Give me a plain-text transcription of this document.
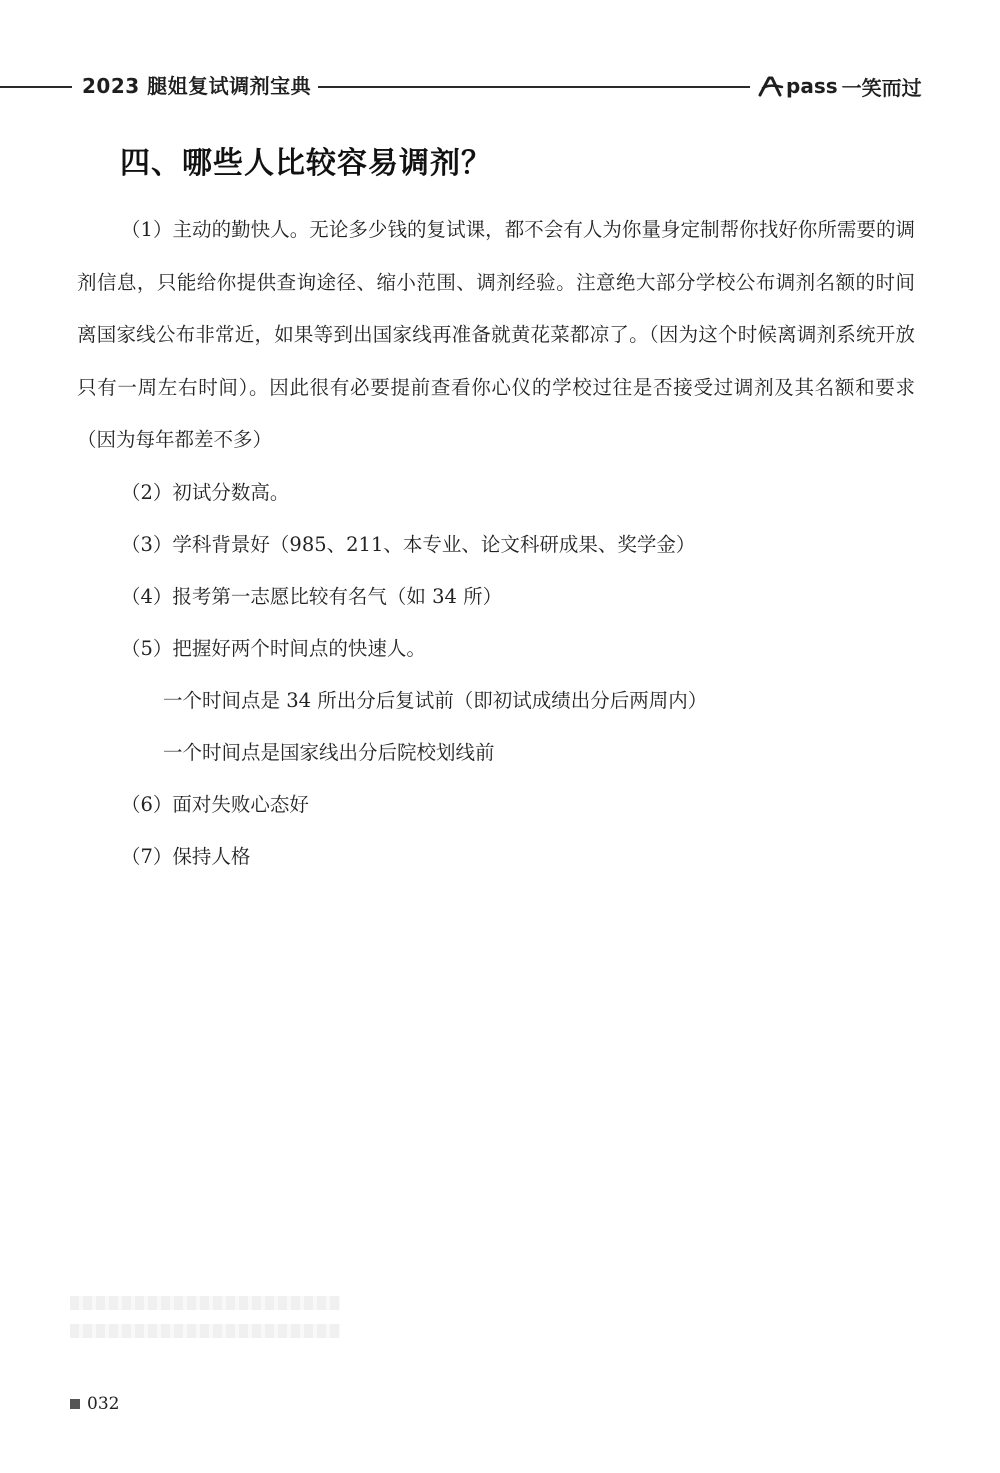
2023 腿姐复试调剂宝典	pass 一笑而过
四、哪些人比较容易调剂？

（1）主动的勤快人。无论多少钱的复试课，都不会有人为你量身定制帮你找好你所需要的调剂信息，只能给你提供查询途径、缩小范围、调剂经验。注意绝大部分学校公布调剂名额的时间离国家线公布非常近，如果等到出国家线再准备就黄花菜都凉了。（因为这个时候离调剂系统开放只有一周左右时间）。因此很有必要提前查看你心仪的学校过往是否接受过调剂及其名额和要求（因为每年都差不多）

（2）初试分数高。

（3）学科背景好（985、211、本专业、论文科研成果、奖学金）

（4）报考第一志愿比较有名气（如 34 所）

（5）把握好两个时间点的快速人。

一个时间点是 34 所出分后复试前（即初试成绩出分后两周内）

一个时间点是国家线出分后院校划线前

（6）面对失败心态好

（7）保持人格

032
